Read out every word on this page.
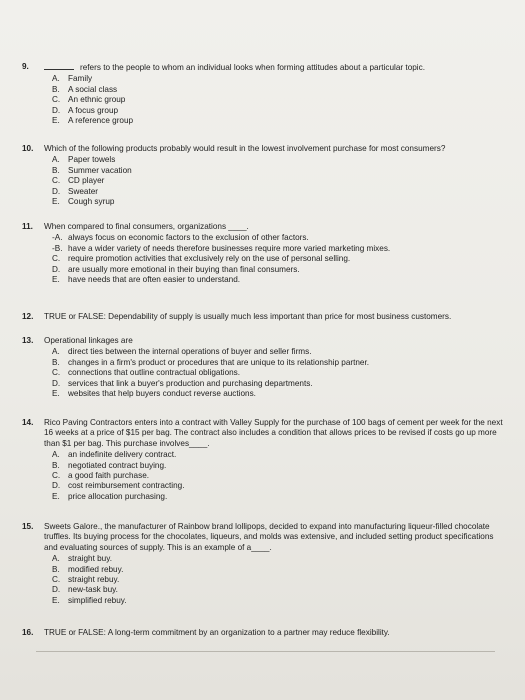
9.	refers to the people to whom an individual looks when forming attitudes about a particular topic.
A.	Family
B.	A social class
C. An ethnic group
D. A focus group
E.	A reference group
10.	Which of the following products probably would result in the lowest involvement purchase for most consumers?
A.	Paper towels
B.	Summer vacation
C. CD player
D. Sweater
E.	Cough syrup
11.	When compared to final consumers, organizations ____.
-A. always focus on economic factors to the exclusion of other factors.
-B. have a wider variety of needs therefore businesses require more varied marketing mixes.
C. require promotion activities that exclusively rely on the use of personal selling.
D. are usually more emotional in their buying than final consumers.
E.	have needs that are often easier to understand.
12.	TRUE or FALSE: Dependability of supply is usually much less important than price for most business customers.
13.	Operational linkages are
A.	direct ties between the internal operations of buyer and seller firms.
B.	changes in a firm's product or procedures that are unique to its relationship partner.
C. connections that outline contractual obligations.
D. services that link a buyer's production and purchasing departments.
E.	websites that help buyers conduct reverse auctions.
14.	Rico Paving Contractors enters into a contract with Valley Supply for the purchase of 100 bags of cement per week for the next 16 weeks at a price of $15 per bag. The contract also includes a condition that allows prices to be revised if costs go up more than $1 per bag. This purchase involves____.
A.	an indefinite delivery contract.
B.	negotiated contract buying.
C. a good faith purchase.
D. cost reimbursement contracting.
E.	price allocation purchasing.
15.	Sweets Galore., the manufacturer of Rainbow brand lollipops, decided to expand into manufacturing liqueur-filled chocolate truffles. Its buying process for the chocolates, liqueurs, and molds was extensive, and included setting product specifications and evaluating sources of supply. This is an example of a____.
A.	straight buy.
B.	modified rebuy.
C. straight rebuy.
D. new-task buy.
E.	simplified rebuy.
16.	TRUE or FALSE: A long-term commitment by an organization to a partner may reduce flexibility.
